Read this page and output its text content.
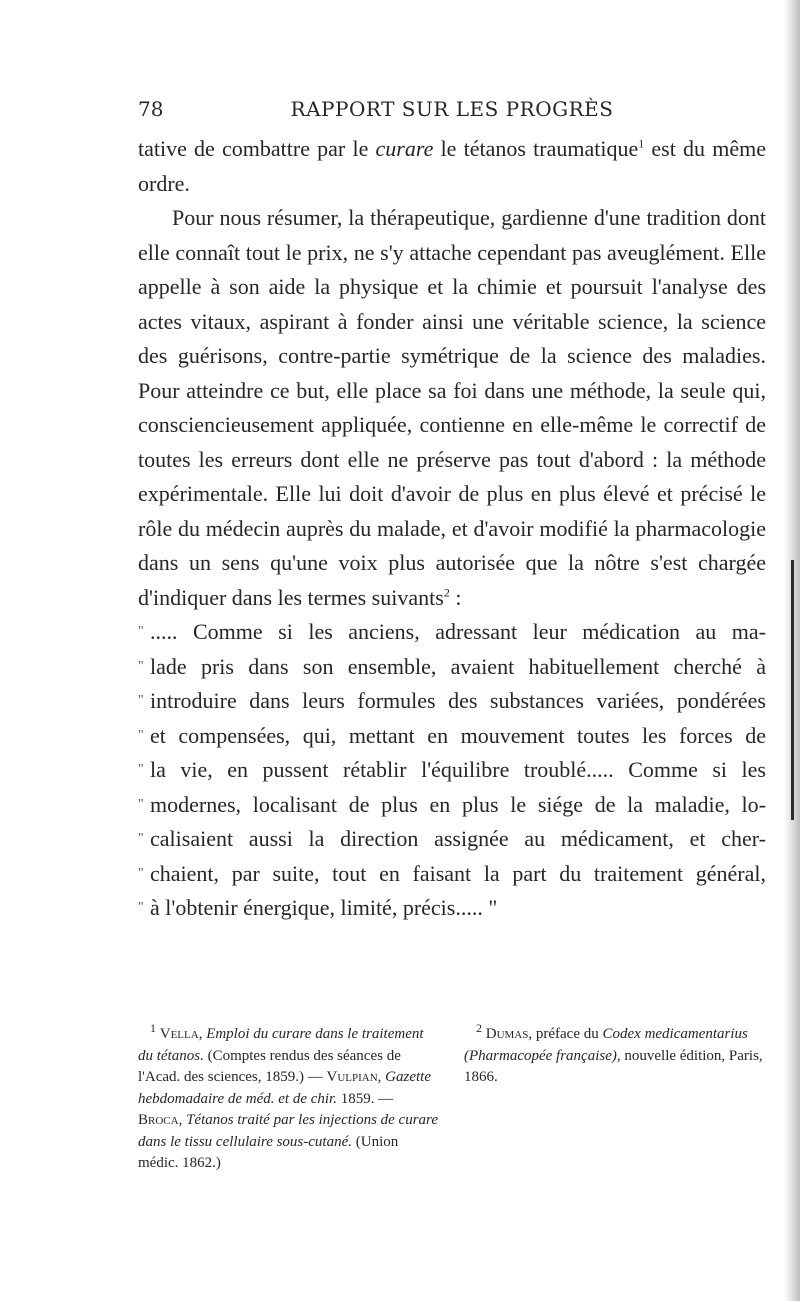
78	RAPPORT SUR LES PROGRÈS

tative de combattre par le curare le tétanos traumatique$^1$ est du même ordre.

Pour nous résumer, la thérapeutique, gardienne d'une tradition dont elle connaît tout le prix, ne s'y attache cependant pas aveuglément. Elle appelle à son aide la physique et la chimie et poursuit l'analyse des actes vitaux, aspirant à fonder ainsi une véritable science, la science des guérisons, contre-partie symétrique de la science des maladies. Pour atteindre ce but, elle place sa foi dans une méthode, la seule qui, consciencieusement appliquée, contienne en elle-même le correctif de toutes les erreurs dont elle ne préserve pas tout d'abord : la méthode expérimentale. Elle lui doit d'avoir de plus en plus élevé et précisé le rôle du médecin auprès du malade, et d'avoir modifié la pharmacologie dans un sens qu'une voix plus autorisée que la nôtre s'est chargée d'indiquer dans les termes suivants$^2$ :

" ..... Comme si les anciens, adressant leur médication au ma-
" lade pris dans son ensemble, avaient habituellement cherché à
" introduire dans leurs formules des substances variées, pondérées
" et compensées, qui, mettant en mouvement toutes les forces de
" la vie, en pussent rétablir l'équilibre troublé..... Comme si les
" modernes, localisant de plus en plus le siége de la maladie, lo-
" calisaient aussi la direction assignée au médicament, et cher-
" chaient, par suite, tout en faisant la part du traitement général,
" à l'obtenir énergique, limité, précis..... "

$^1$ Vella, Emploi du curare dans le traitement du tétanos. (Comptes rendus des séances de l'Acad. des sciences, 1859.) — Vulpian, Gazette hebdomadaire de méd. et de chir. 1859. — Broca, Tétanos traité par les injections de curare dans le tissu cellulaire sous-cutané. (Union médic. 1862.)

$^2$ Dumas, préface du Codex medicamentarius (Pharmacopée française), nouvelle édition, Paris, 1866.
